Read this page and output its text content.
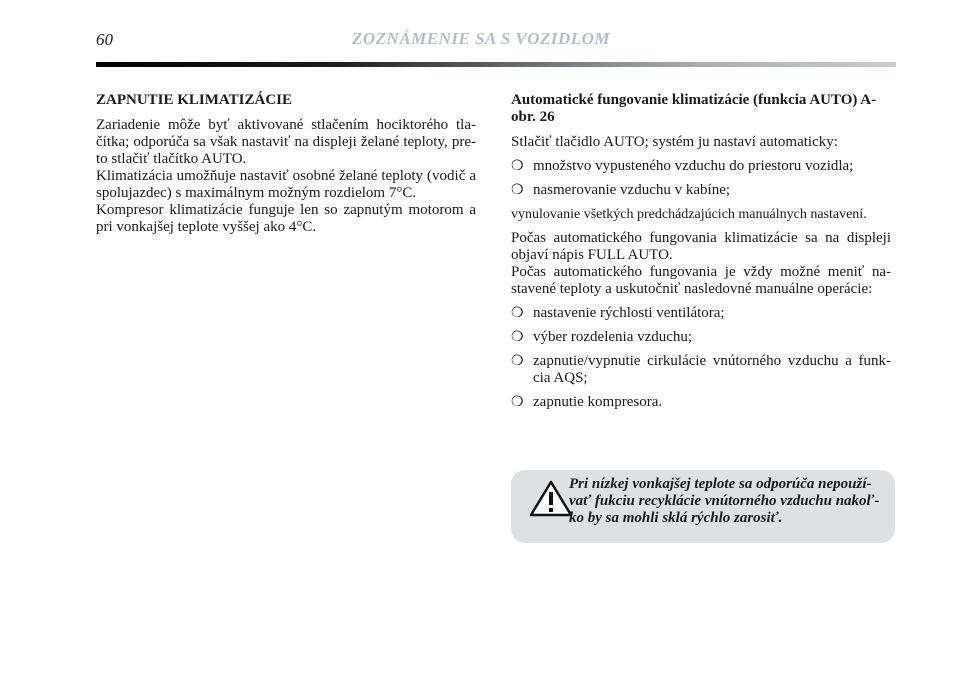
60	ZOZNÁMENIE SA S VOZIDLOM
ZAPNUTIE KLIMATIZÁCIE

Zariadenie môže byť aktivované stlačením hociktorého tla-čítka; odporúča sa však nastaviť na displeji želané teploty, pre-to stlačiť tlačítko AUTO.

Klimatizácia umožňuje nastaviť osobné želané teploty (vodič a spolujazdec) s maximálnym možným rozdielom 7°C.

Kompresor klimatizácie funguje len so zapnutým motorom a pri vonkajšej teplote vyššej ako 4°C.

Automatické fungovanie klimatizácie (funkcia AUTO) A-obr. 26

Stlačiť tlačidlo AUTO; systém ju nastaví automaticky:

❍ množstvo vypusteného vzduchu do priestoru vozidla;
❍ nasmerovanie vzduchu v kabíne;

vynulovanie všetkých predchádzajúcich manuálnych nastavení.

Počas automatického fungovania klimatizácie sa na displeji objaví nápis FULL AUTO.

Počas automatického fungovania je vždy možné meniť na-stavené teploty a uskutočniť nasledovné manuálne operácie:

❍ nastavenie rýchlosti ventilátora;
❍ výber rozdelenia vzduchu;
❍ zapnutie/vypnutie cirkulácie vnútorného vzduchu a funk-cia AQS;
❍ zapnutie kompresora.
Pri nízkej vonkajšej teplote sa odporúča nepouží-vať fukciu recyklácie vnútorného vzduchu nakoľ-ko by sa mohli sklá rýchlo zarosiť.
